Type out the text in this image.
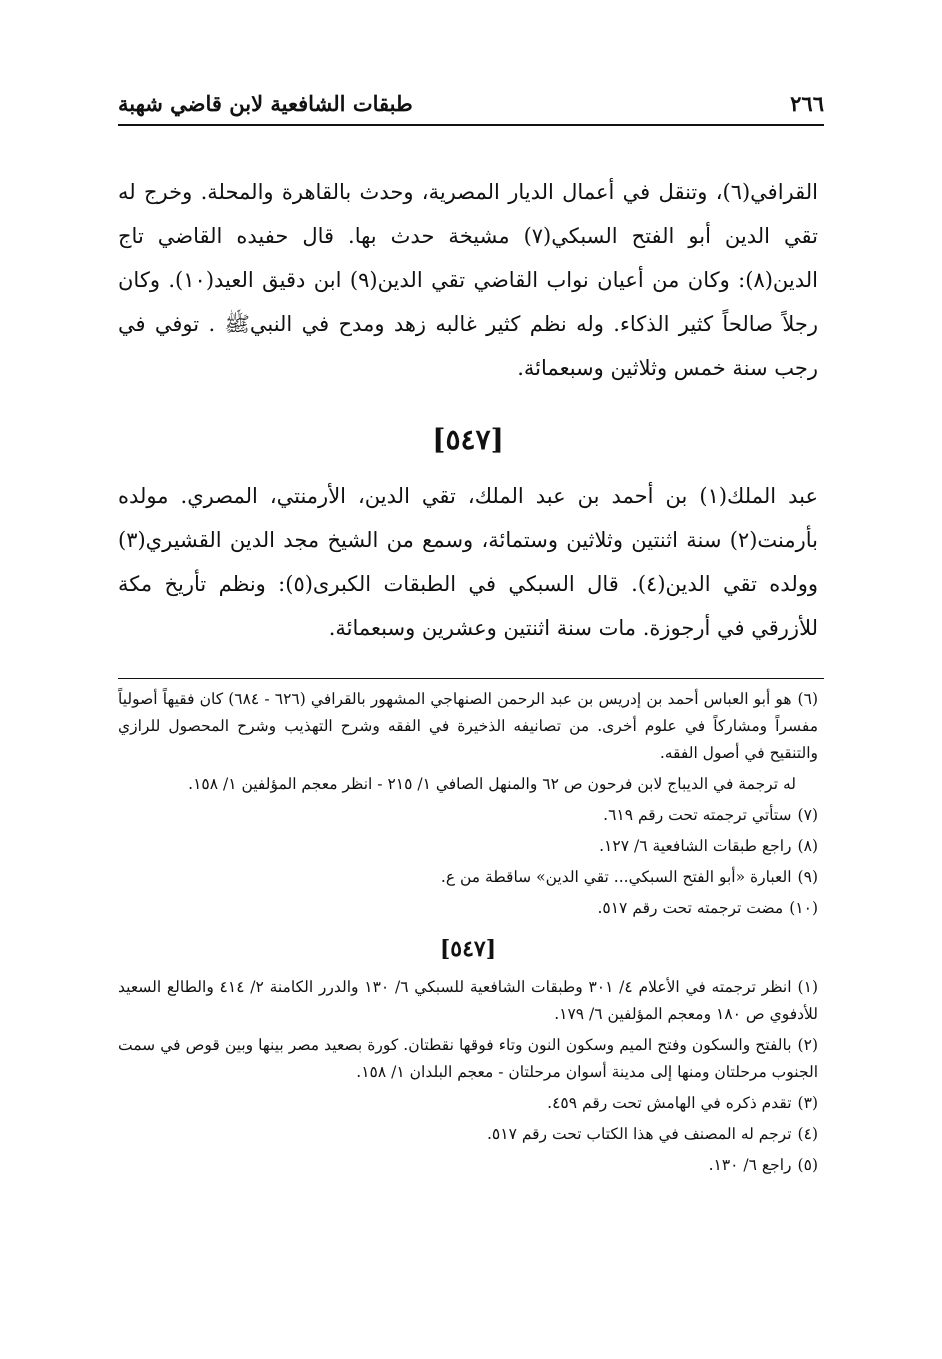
٢٦٦
طبقات الشافعية لابن قاضي شهبة

القرافي(٦)، وتنقل في أعمال الديار المصرية، وحدث بالقاهرة والمحلة. وخرج له تقي الدين أبو الفتح السبكي(٧) مشيخة حدث بها. قال حفيده القاضي تاج الدين(٨): وكان من أعيان نواب القاضي تقي الدين(٩) ابن دقيق العيد(١٠). وكان رجلاً صالحاً كثير الذكاء. وله نظم كثير غالبه زهد ومدح في النبيﷺ . توفي في رجب سنة خمس وثلاثين وسبعمائة.

[٥٤٧]

عبد الملك(١) بن أحمد بن عبد الملك، تقي الدين، الأرمنتي، المصري. مولده بأرمنت(٢) سنة اثنتين وثلاثين وستمائة، وسمع من الشيخ مجد الدين القشيري(٣) وولده تقي الدين(٤). قال السبكي في الطبقات الكبرى(٥): ونظم تأريخ مكة للأزرقي في أرجوزة. مات سنة اثنتين وعشرين وسبعمائة.

(٦)هو أبو العباس أحمد بن إدريس بن عبد الرحمن الصنهاجي المشهور بالقرافي (٦٢٦ - ٦٨٤) كان فقيهاً أصولياً مفسراً ومشاركاً في علوم أخرى. من تصانيفه الذخيرة في الفقه وشرح التهذيب وشرح المحصول للرازي والتنقيح في أصول الفقه.

له ترجمة في الديباج لابن فرحون ص ٦٢ والمنهل الصافي ١/ ٢١٥ - انظر معجم المؤلفين ١/ ١٥٨.

(٧)ستأتي ترجمته تحت رقم ٦١٩.

(٨)راجع طبقات الشافعية ٦/ ١٢٧.

(٩)العبارة «أبو الفتح السبكي... تقي الدين» ساقطة من ع.

(١٠)مضت ترجمته تحت رقم ٥١٧.

[٥٤٧]

(١)انظر ترجمته في الأعلام ٤/ ٣٠١ وطبقات الشافعية للسبكي ٦/ ١٣٠ والدرر الكامنة ٢/ ٤١٤ والطالع السعيد للأدفوي ص ١٨٠ ومعجم المؤلفين ٦/ ١٧٩.

(٢)بالفتح والسكون وفتح الميم وسكون النون وتاء فوقها نقطتان. كورة بصعيد مصر بينها وبين قوص في سمت الجنوب مرحلتان ومنها إلى مدينة أسوان مرحلتان - معجم البلدان ١/ ١٥٨.

(٣)تقدم ذكره في الهامش تحت رقم ٤٥٩.

(٤)ترجم له المصنف في هذا الكتاب تحت رقم ٥١٧.

(٥)راجع ٦/ ١٣٠.
